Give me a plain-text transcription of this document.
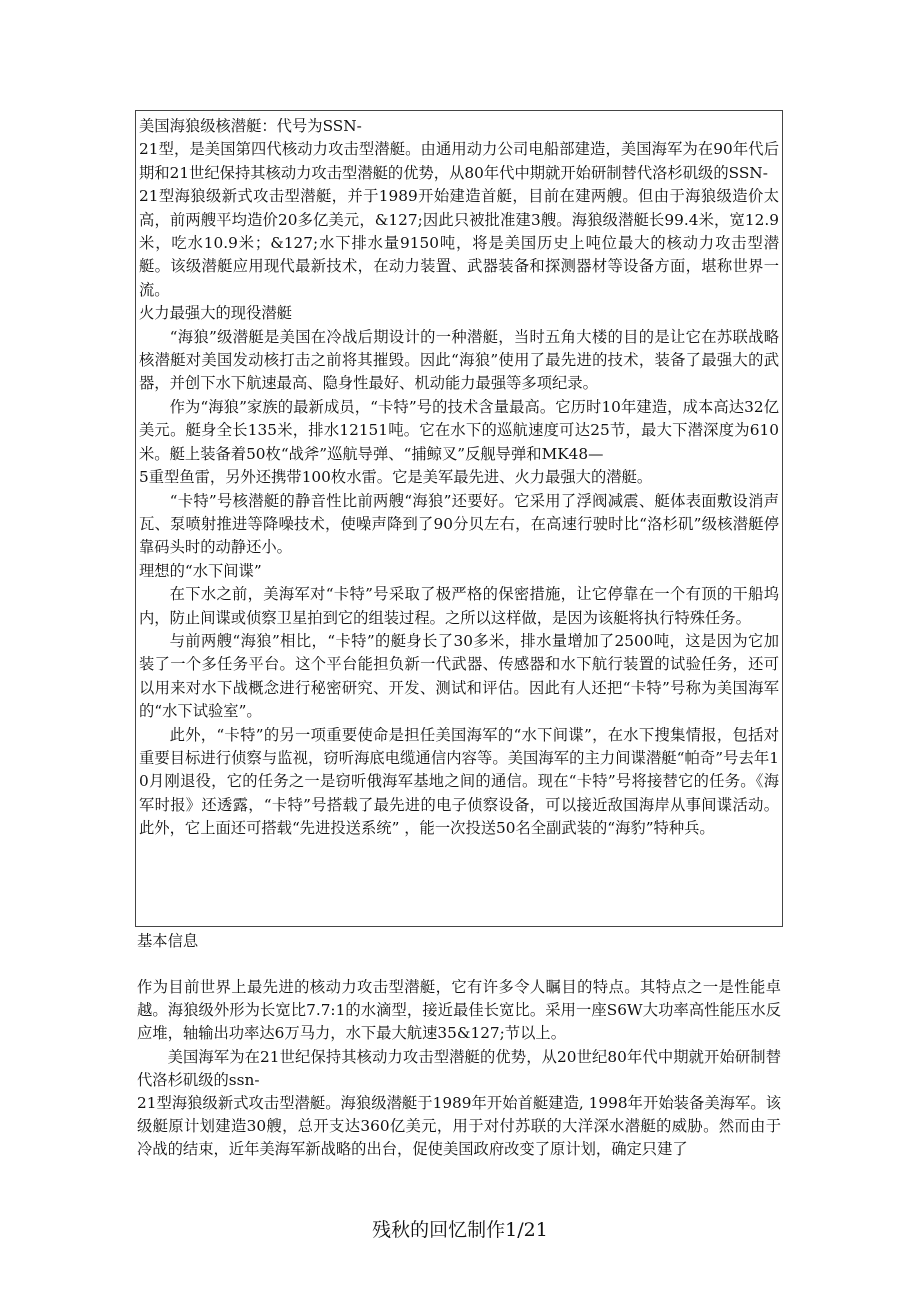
美国海狼级核潜艇：代号为SSN-
21型，是美国第四代核动力攻击型潜艇。由通用动力公司电船部建造，美国海军为在90年代后期和21世纪保持其核动力攻击型潜艇的优势，从80年代中期就开始研制替代洛杉矶级的SSN-
21型海狼级新式攻击型潜艇，并于1989开始建造首艇，目前在建两艘。但由于海狼级造价太高，前两艘平均造价20多亿美元，&127;因此只被批准建3艘。海狼级潜艇长99.4米，宽12.9米，吃水10.9米；&127;水下排水量9150吨，将是美国历史上吨位最大的核动力攻击型潜艇。该级潜艇应用现代最新技术，在动力装置、武器装备和探测器材等设备方面，堪称世界一流。

火力最强大的现役潜艇

“海狼”级潜艇是美国在冷战后期设计的一种潜艇，当时五角大楼的目的是让它在苏联战略核潜艇对美国发动核打击之前将其摧毁。因此“海狼”使用了最先进的技术，装备了最强大的武器，并创下水下航速最高、隐身性最好、机动能力最强等多项纪录。

作为“海狼”家族的最新成员，“卡特”号的技术含量最高。它历时10年建造，成本高达32亿美元。艇身全长135米，排水12151吨。它在水下的巡航速度可达25节，最大下潜深度为610米。艇上装备着50枚“战斧”巡航导弹、“捕鲸叉”反舰导弹和MK48—
5重型鱼雷，另外还携带100枚水雷。它是美军最先进、火力最强大的潜艇。

“卡特”号核潜艇的静音性比前两艘“海狼”还要好。它采用了浮阀减震、艇体表面敷设消声瓦、泵喷射推进等降噪技术，使噪声降到了90分贝左右，在高速行驶时比“洛杉矶”级核潜艇停靠码头时的动静还小。

理想的“水下间谍”

在下水之前，美海军对“卡特”号采取了极严格的保密措施，让它停靠在一个有顶的干船坞内，防止间谍或侦察卫星拍到它的组装过程。之所以这样做，是因为该艇将执行特殊任务。

与前两艘“海狼”相比，“卡特”的艇身长了30多米，排水量增加了2500吨，这是因为它加装了一个多任务平台。这个平台能担负新一代武器、传感器和水下航行装置的试验任务，还可以用来对水下战概念进行秘密研究、开发、测试和评估。因此有人还把“卡特”号称为美国海军的“水下试验室”。

此外，“卡特”的另一项重要使命是担任美国海军的“水下间谍”，在水下搜集情报，包括对重要目标进行侦察与监视，窃听海底电缆通信内容等。美国海军的主力间谍潜艇“帕奇”号去年10月刚退役，它的任务之一是窃听俄海军基地之间的通信。现在“卡特”号将接替它的任务。《海军时报》还透露，“卡特”号搭载了最先进的电子侦察设备，可以接近敌国海岸从事间谍活动。此外，它上面还可搭载“先进投送系统” ，能一次投送50名全副武装的“海豹”特种兵。

基本信息

作为目前世界上最先进的核动力攻击型潜艇，它有许多令人瞩目的特点。其特点之一是性能卓越。海狼级外形为长宽比7.7:1的水滴型，接近最佳长宽比。采用一座S6W大功率高性能压水反应堆，轴输出功率达6万马力，水下最大航速35&127;节以上。

美国海军为在21世纪保持其核动力攻击型潜艇的优势，从20世纪80年代中期就开始研制替代洛杉矶级的ssn-
21型海狼级新式攻击型潜艇。海狼级潜艇于1989年开始首艇建造, 1998年开始装备美海军。该级艇原计划建造30艘，总开支达360亿美元，用于对付苏联的大洋深水潜艇的威胁。然而由于冷战的结束，近年美海军新战略的出台，促使美国政府改变了原计划，确定只建了

残秋的回忆制作1/21
